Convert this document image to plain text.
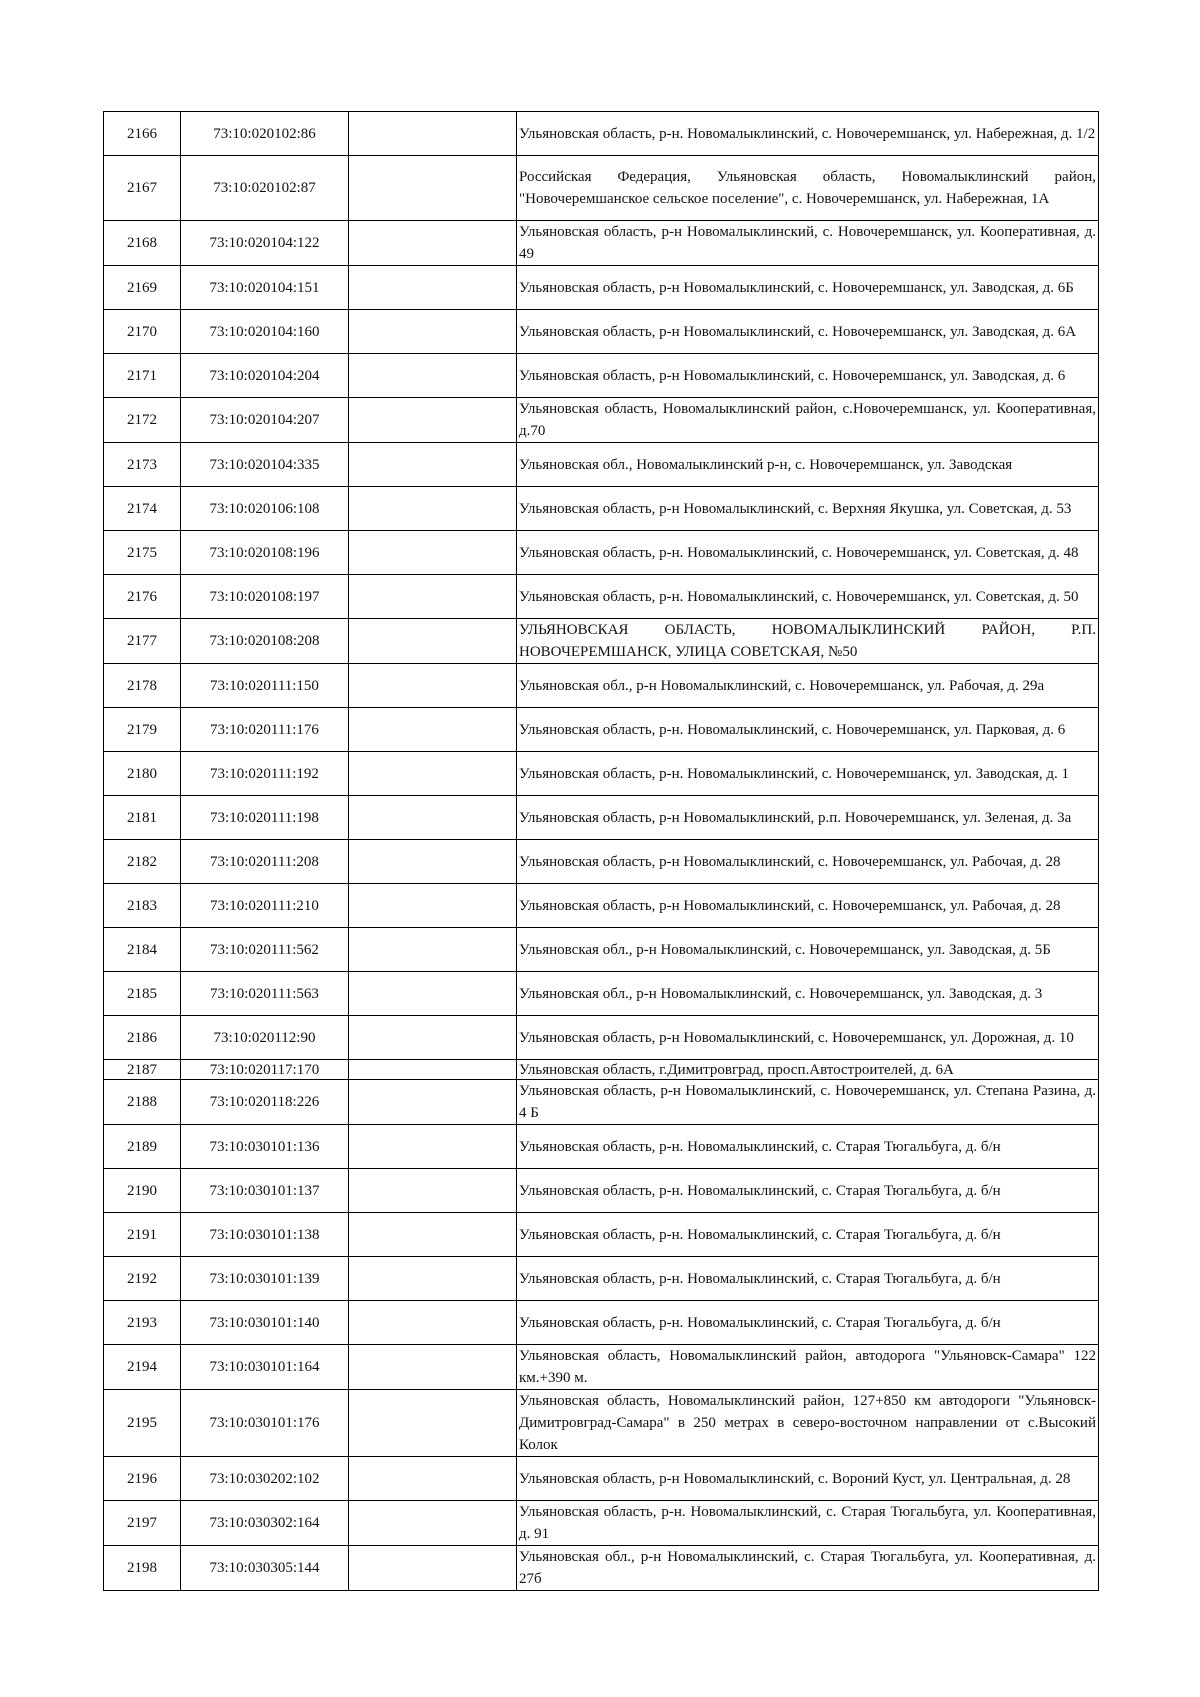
2166	73:10:020102:86		Ульяновская область, р-н. Новомалыклинский, с. Новочеремшанск, ул. Набережная, д. 1/2
2167	73:10:020102:87		Российская Федерация, Ульяновская область, Новомалыклинский район, "Новочеремшанское сельское поселение", с. Новочеремшанск, ул. Набережная, 1А
2168	73:10:020104:122		Ульяновская область, р-н Новомалыклинский, с. Новочеремшанск, ул. Кооперативная, д. 49
2169	73:10:020104:151		Ульяновская область, р-н Новомалыклинский, с. Новочеремшанск, ул. Заводская, д. 6Б
2170	73:10:020104:160		Ульяновская область, р-н Новомалыклинский, с. Новочеремшанск, ул. Заводская, д. 6А
2171	73:10:020104:204		Ульяновская область, р-н Новомалыклинский, с. Новочеремшанск, ул. Заводская, д. 6
2172	73:10:020104:207		Ульяновская область, Новомалыклинский район, с.Новочеремшанск, ул. Кооперативная, д.70
2173	73:10:020104:335		Ульяновская обл., Новомалыклинский р-н, с. Новочеремшанск, ул. Заводская
2174	73:10:020106:108		Ульяновская область, р-н Новомалыклинский, с. Верхняя Якушка, ул. Советская, д. 53
2175	73:10:020108:196		Ульяновская область, р-н. Новомалыклинский, с. Новочеремшанск, ул. Советская, д. 48
2176	73:10:020108:197		Ульяновская область, р-н. Новомалыклинский, с. Новочеремшанск, ул. Советская, д. 50
2177	73:10:020108:208		УЛЬЯНОВСКАЯ ОБЛАСТЬ, НОВОМАЛЫКЛИНСКИЙ РАЙОН, Р.П. НОВОЧЕРЕМШАНСК, УЛИЦА СОВЕТСКАЯ, №50
2178	73:10:020111:150		Ульяновская обл., р-н Новомалыклинский, с. Новочеремшанск, ул. Рабочая, д. 29а
2179	73:10:020111:176		Ульяновская область, р-н. Новомалыклинский, с. Новочеремшанск, ул. Парковая, д. 6
2180	73:10:020111:192		Ульяновская область, р-н. Новомалыклинский, с. Новочеремшанск, ул. Заводская, д. 1
2181	73:10:020111:198		Ульяновская область, р-н Новомалыклинский, р.п. Новочеремшанск, ул. Зеленая, д. 3а
2182	73:10:020111:208		Ульяновская область, р-н Новомалыклинский, с. Новочеремшанск, ул. Рабочая, д. 28
2183	73:10:020111:210		Ульяновская область, р-н Новомалыклинский, с. Новочеремшанск, ул. Рабочая, д. 28
2184	73:10:020111:562		Ульяновская обл., р-н Новомалыклинский, с. Новочеремшанск, ул. Заводская, д. 5Б
2185	73:10:020111:563		Ульяновская обл., р-н Новомалыклинский, с. Новочеремшанск, ул. Заводская, д. 3
2186	73:10:020112:90		Ульяновская область, р-н Новомалыклинский, с. Новочеремшанск, ул. Дорожная, д. 10
2187	73:10:020117:170		Ульяновская область, г.Димитровград, просп.Автостроителей, д. 6А
2188	73:10:020118:226		Ульяновская область, р-н Новомалыклинский, с. Новочеремшанск, ул. Степана Разина, д. 4 Б
2189	73:10:030101:136		Ульяновская область, р-н. Новомалыклинский, с. Старая Тюгальбуга, д. б/н
2190	73:10:030101:137		Ульяновская область, р-н. Новомалыклинский, с. Старая Тюгальбуга, д. б/н
2191	73:10:030101:138		Ульяновская область, р-н. Новомалыклинский, с. Старая Тюгальбуга, д. б/н
2192	73:10:030101:139		Ульяновская область, р-н. Новомалыклинский, с. Старая Тюгальбуга, д. б/н
2193	73:10:030101:140		Ульяновская область, р-н. Новомалыклинский, с. Старая Тюгальбуга, д. б/н
2194	73:10:030101:164		Ульяновская область, Новомалыклинский район, автодорога "Ульяновск-Самара" 122 км.+390 м.
2195	73:10:030101:176		Ульяновская область, Новомалыклинский район, 127+850 км автодороги "Ульяновск-Димитровград-Самара" в 250 метрах в северо-восточном направлении от с.Высокий Колок
2196	73:10:030202:102		Ульяновская область, р-н Новомалыклинский, с. Вороний Куст, ул. Центральная, д. 28
2197	73:10:030302:164		Ульяновская область, р-н. Новомалыклинский, с. Старая Тюгальбуга, ул. Кооперативная, д. 91
2198	73:10:030305:144		Ульяновская обл., р-н Новомалыклинский, с. Старая Тюгальбуга, ул. Кооперативная, д. 27б
